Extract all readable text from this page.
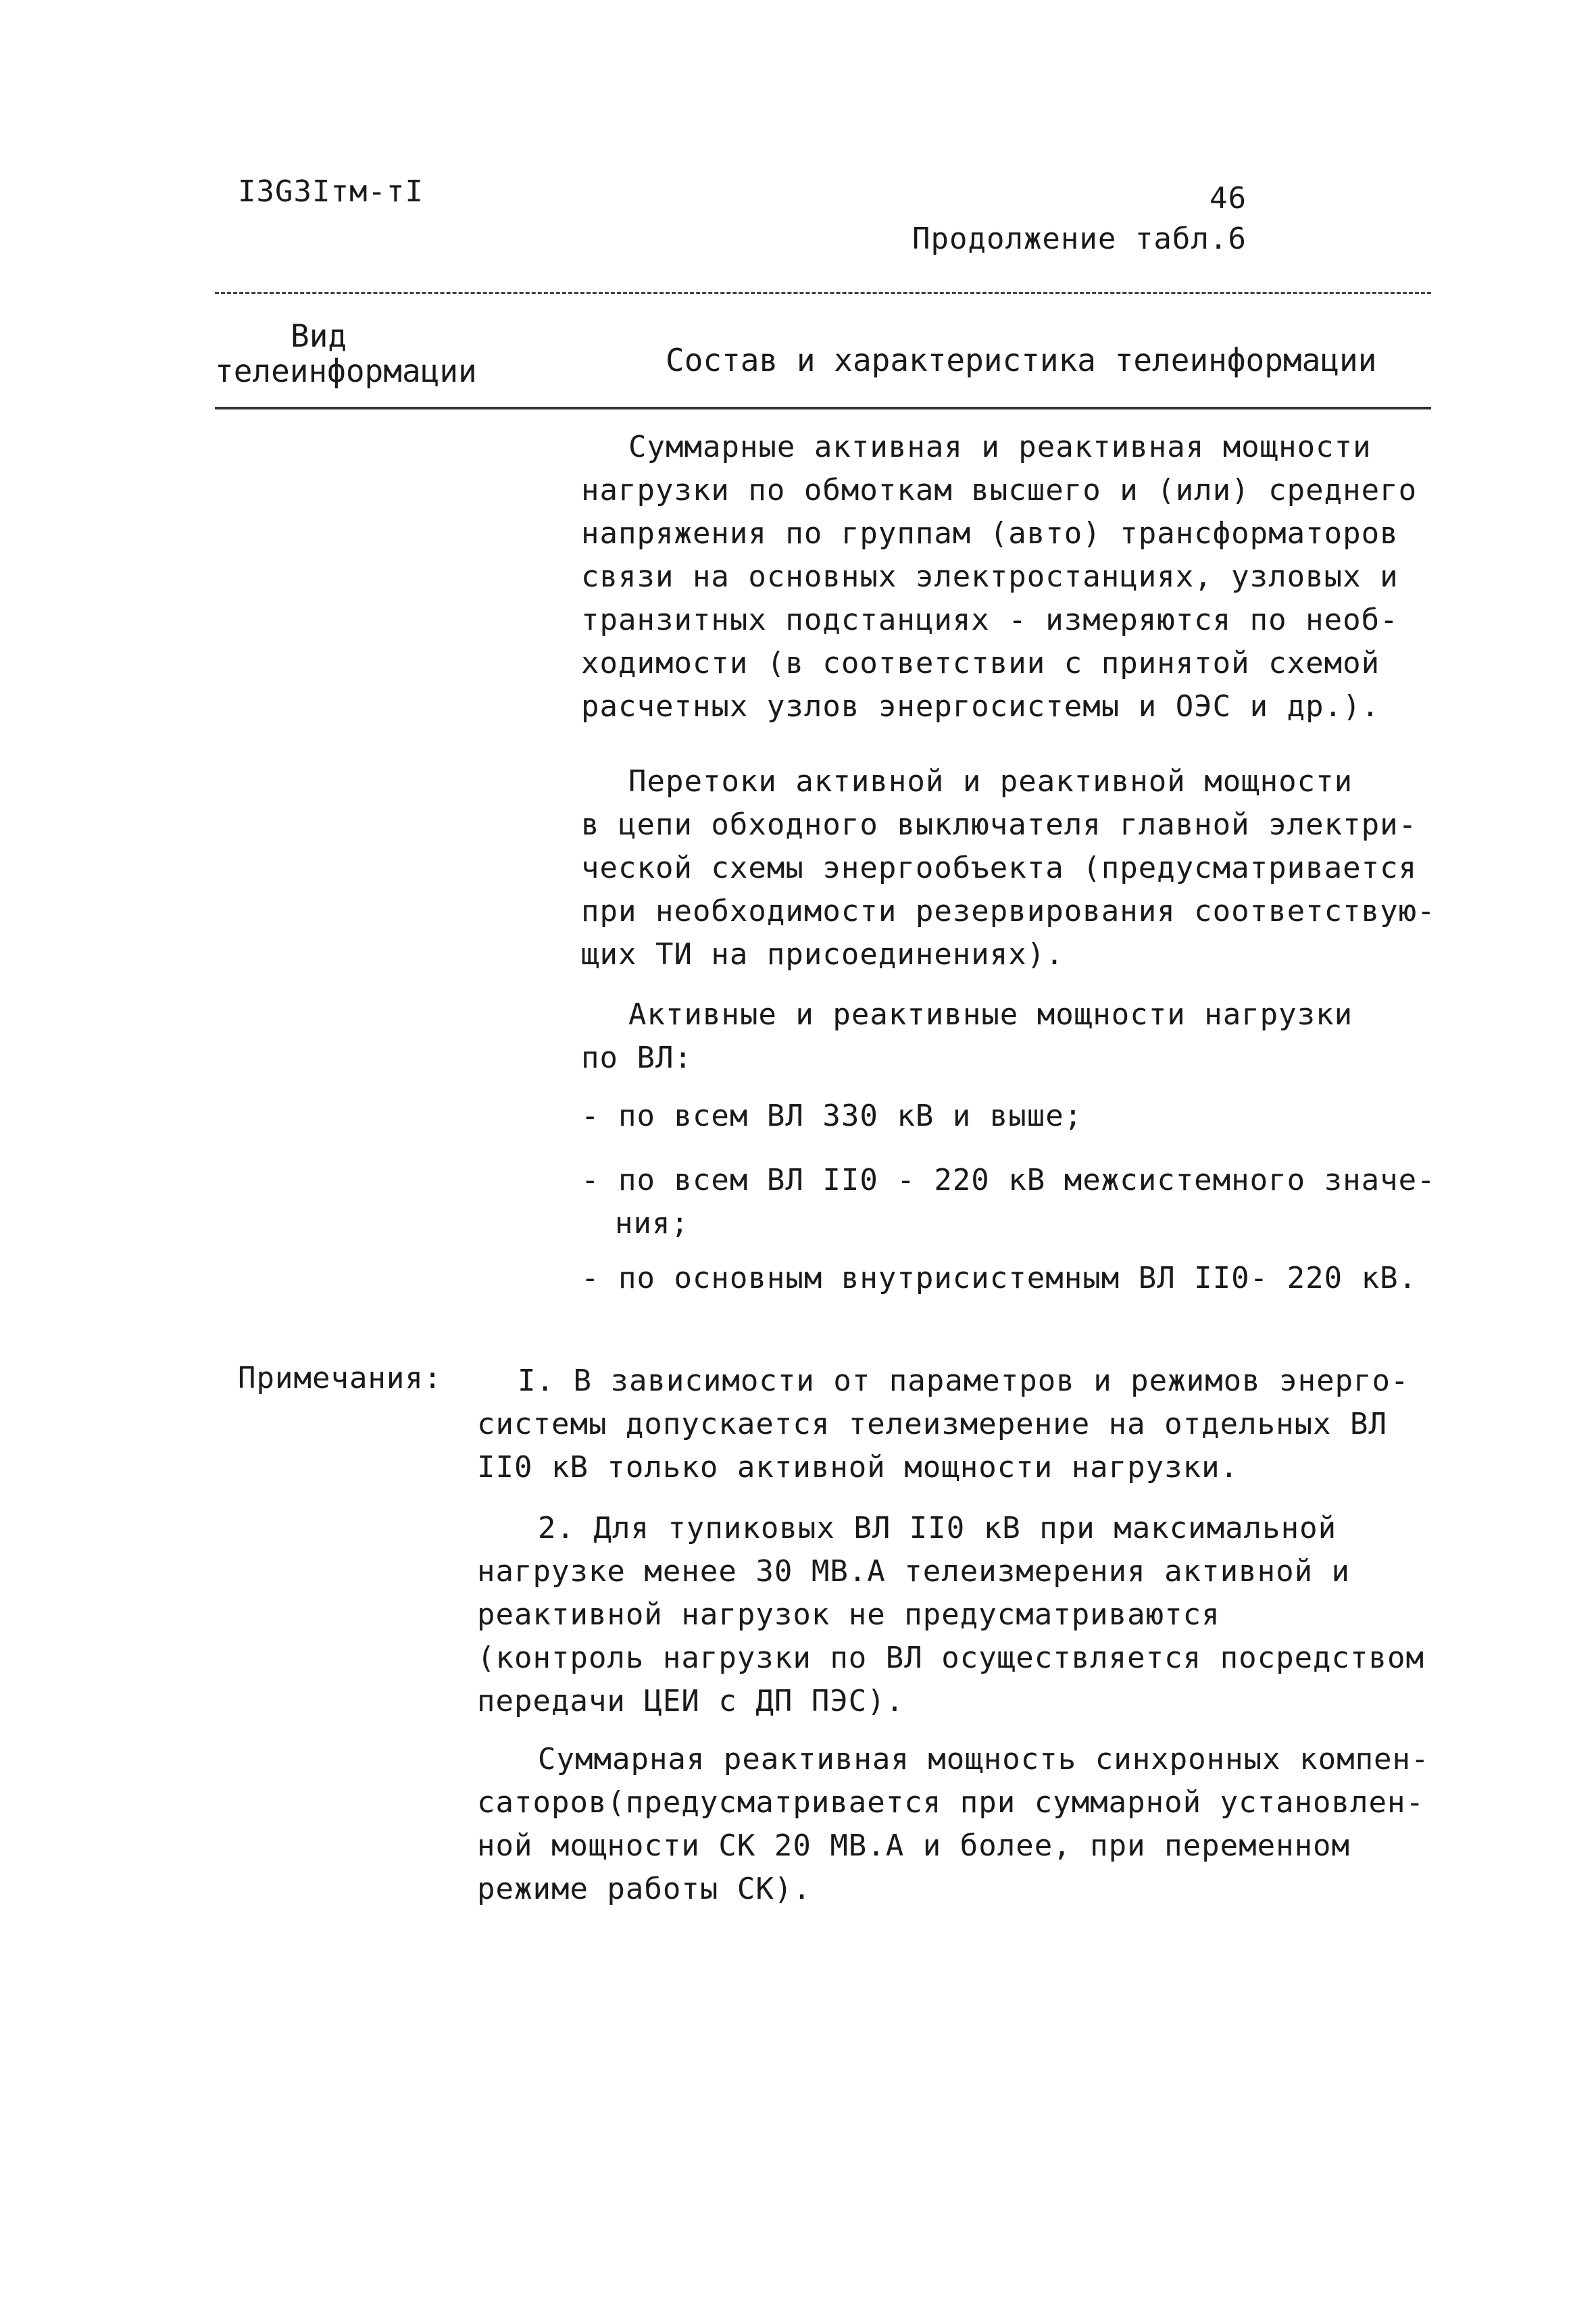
I3G3Iтм-тI	46
Продолжение табл.6
Вид
телеинформации	Состав и характеристика телеинформации
Суммарные активная и реактивная мощности
нагрузки по обмоткам высшего и (или) среднего
напряжения по группам (авто) трансформаторов
связи на основных электростанциях, узловых и
транзитных подстанциях - измеряются по необ-
ходимости (в соответствии с принятой схемой
расчетных узлов энергосистемы и ОЭС и др.).
Перетоки активной и реактивной мощности
в цепи обходного выключателя главной электри-
ческой схемы энергообъекта (предусматривается
при необходимости резервирования соответствую-
щих ТИ на присоединениях).
Активные и реактивные мощности нагрузки
по ВЛ:
- по всем ВЛ 330 кВ и выше;
- по всем ВЛ II0 - 220 кВ межсистемного значе-
ния;
- по основным внутрисистемным ВЛ II0- 220 кВ.
Примечания:	I. В зависимости от параметров и режимов энерго-
системы допускается телеизмерение на отдельных ВЛ
II0 кВ только активной мощности нагрузки.
2. Для тупиковых ВЛ II0 кВ при максимальной
нагрузке менее 30 МВ.А телеизмерения активной и
реактивной нагрузок не предусматриваются
(контроль нагрузки по ВЛ осуществляется посредством
передачи ЦЕИ с ДП ПЭС).
Суммарная реактивная мощность синхронных компен-
саторов(предусматривается при суммарной установлен-
ной мощности СК 20 МВ.А и более, при переменном
режиме работы СК).
